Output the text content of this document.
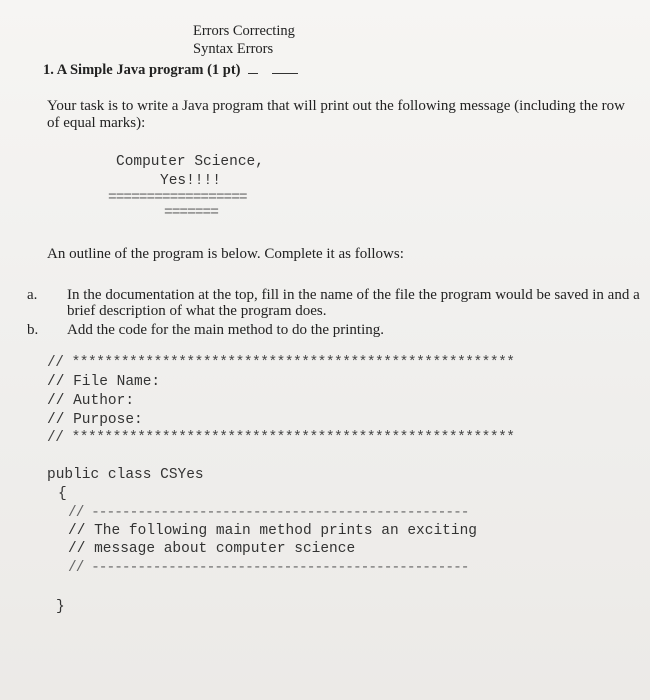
Errors Correcting
Syntax Errors
1. A Simple Java program (1 pt)
Your task is to write a Java program that will print out the following message (including the row of equal marks):
Computer Science,
Yes!!!!
==================
=======
An outline of the program is below. Complete it as follows:
a. In the documentation at the top, fill in the name of the file the program would be saved in and a brief description of what the program does.
b. Add the code for the main method to do the printing.
// ******************************************************
// File Name:
// Author:
// Purpose:
// ******************************************************
public class CSYes
{
// -------------------------------------------------
// The following main method prints an exciting
// message about computer science
// -------------------------------------------------
}
